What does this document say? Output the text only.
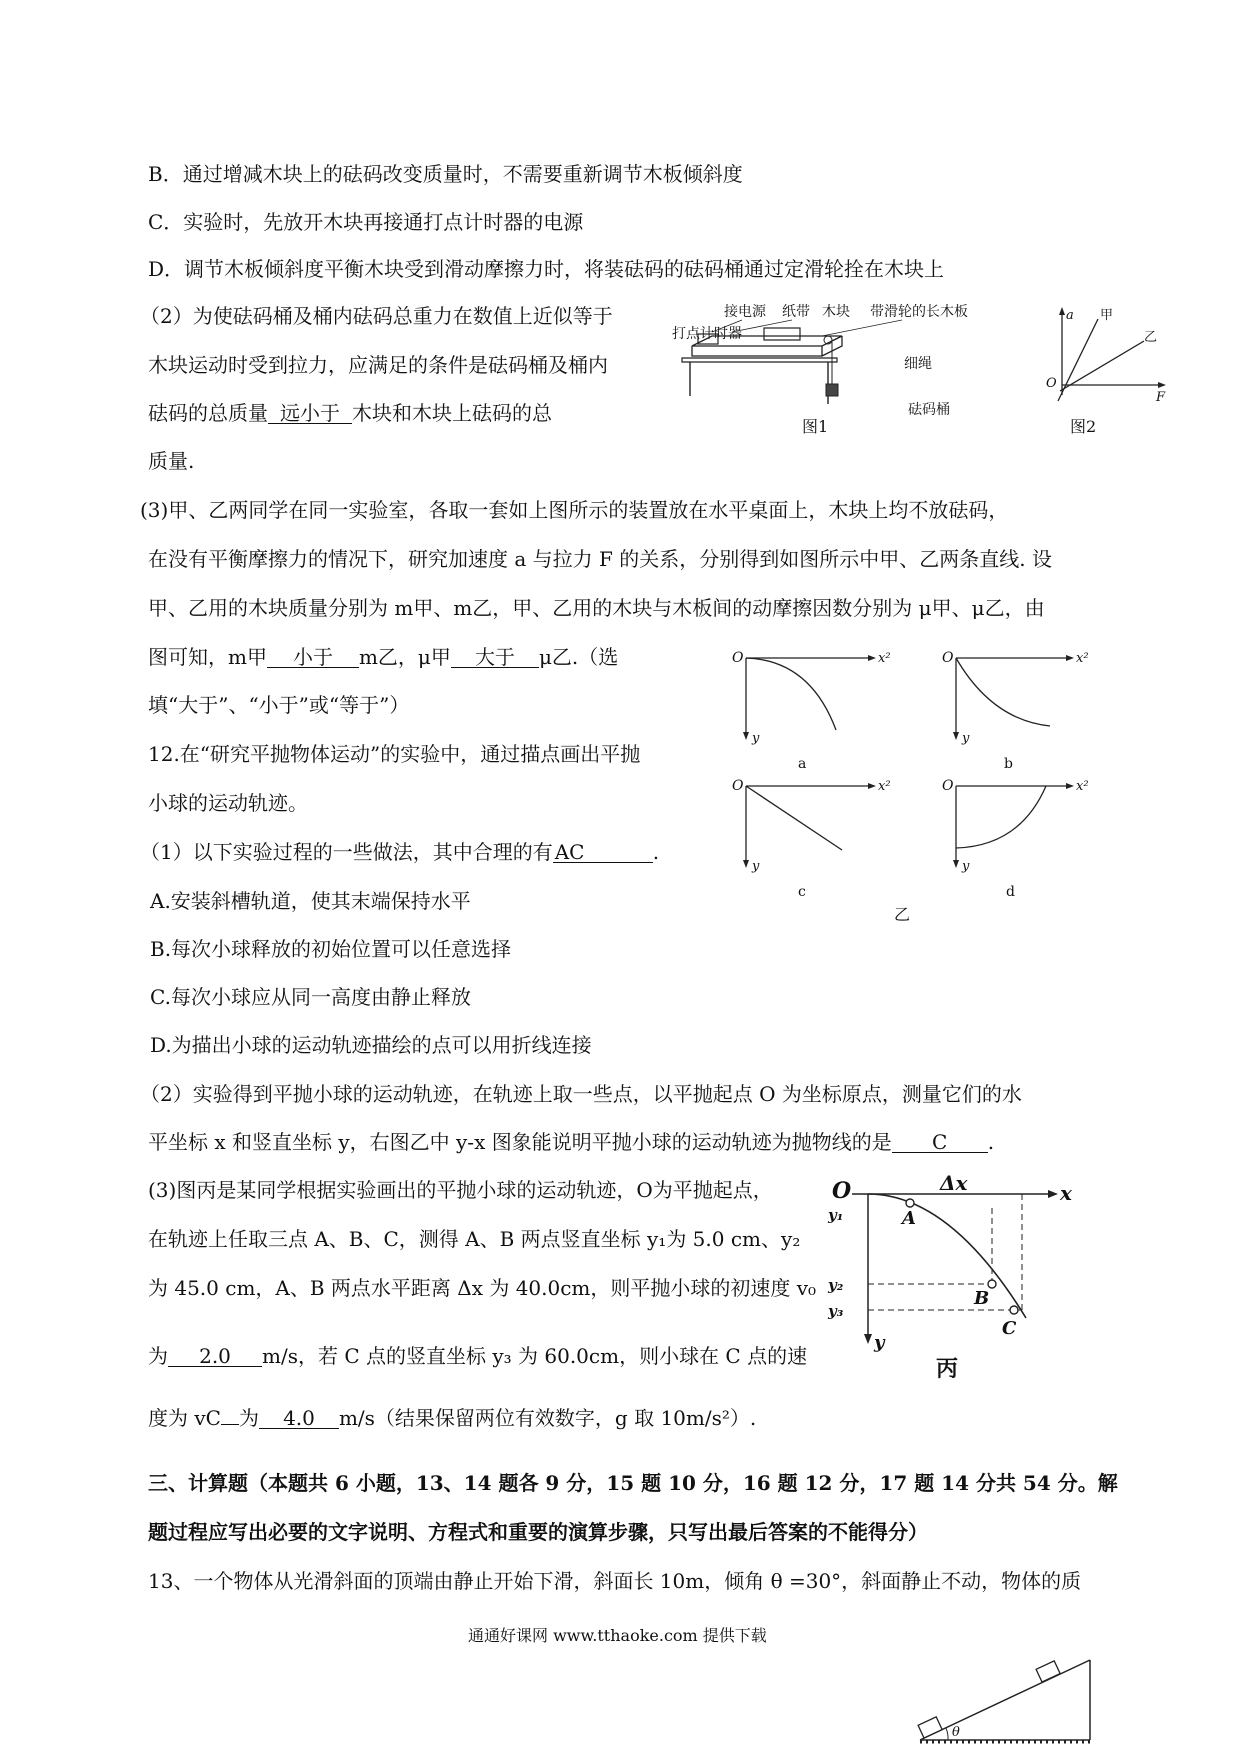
B．通过增减木块上的砝码改变质量时，不需要重新调节木板倾斜度
C．实验时，先放开木块再接通打点计时器的电源
D．调节木板倾斜度平衡木块受到滑动摩擦力时，将装砝码的砝码桶通过定滑轮拴在木块上
（2）为使砝码桶及桶内砝码总重力在数值上近似等于
木块运动时受到拉力，应满足的条件是砝码桶及桶内
砝码的总质量 远小于 木块和木块上砝码的总
质量.
接电源 纸带 木块 带滑轮的长木板
打点计时器
细绳
砝码桶
图1
a
F
O
甲
乙
图2
(3)甲、乙两同学在同一实验室，各取一套如上图所示的装置放在水平桌面上，木块上均不放砝码，
在没有平衡摩擦力的情况下，研究加速度 a 与拉力 F 的关系，分别得到如图所示中甲、乙两条直线. 设
甲、乙用的木块质量分别为 m甲、m乙，甲、乙用的木块与木板间的动摩擦因数分别为 μ甲、μ乙，由
图可知，m甲 小于 m乙，μ甲 大于 μ乙.（选
填“大于”、“小于”或“等于”）
O	x²
y
a
O	x²
y
b
O	x²
y
c
O	x²
y
d
乙
12.在“研究平抛物体运动”的实验中，通过描点画出平抛
小球的运动轨迹。
（1）以下实验过程的一些做法，其中合理的有 AC	.
A.安装斜槽轨道，使其末端保持水平
B.每次小球释放的初始位置可以任意选择
C.每次小球应从同一高度由静止释放
D.为描出小球的运动轨迹描绘的点可以用折线连接
（2）实验得到平抛小球的运动轨迹，在轨迹上取一些点，以平抛起点 O 为坐标原点，测量它们的水
平坐标 x 和竖直坐标 y，右图乙中 y-x 图象能说明平抛小球的运动轨迹为抛物线的是 C .
(3)图丙是某同学根据实验画出的平抛小球的运动轨迹，O为平抛起点，
在轨迹上任取三点 A、B、C，测得 A、B 两点竖直坐标 y₁为 5.0 cm、y₂
为 45.0 cm，A、B 两点水平距离 Δx 为 40.0cm，则平抛小球的初速度 v₀
为 2.0 m/s，若 C 点的竖直坐标 y₃ 为 60.0cm，则小球在 C 点的速
度为 vC 为 4.0 m/s（结果保留两位有效数字，g 取 10m/s²）.
O	x
Δx
y
y₁
y₂
y₃
A
B
C
丙
三、计算题（本题共 6 小题，13、14 题各 9 分，15 题 10 分，16 题 12 分，17 题 14 分共 54 分。解
题过程应写出必要的文字说明、方程式和重要的演算步骤，只写出最后答案的不能得分）
13、一个物体从光滑斜面的顶端由静止开始下滑，斜面长 10m，倾角 θ =30°，斜面静止不动，物体的质
通通好课网 www.tthaoke.com 提供下载
θ
